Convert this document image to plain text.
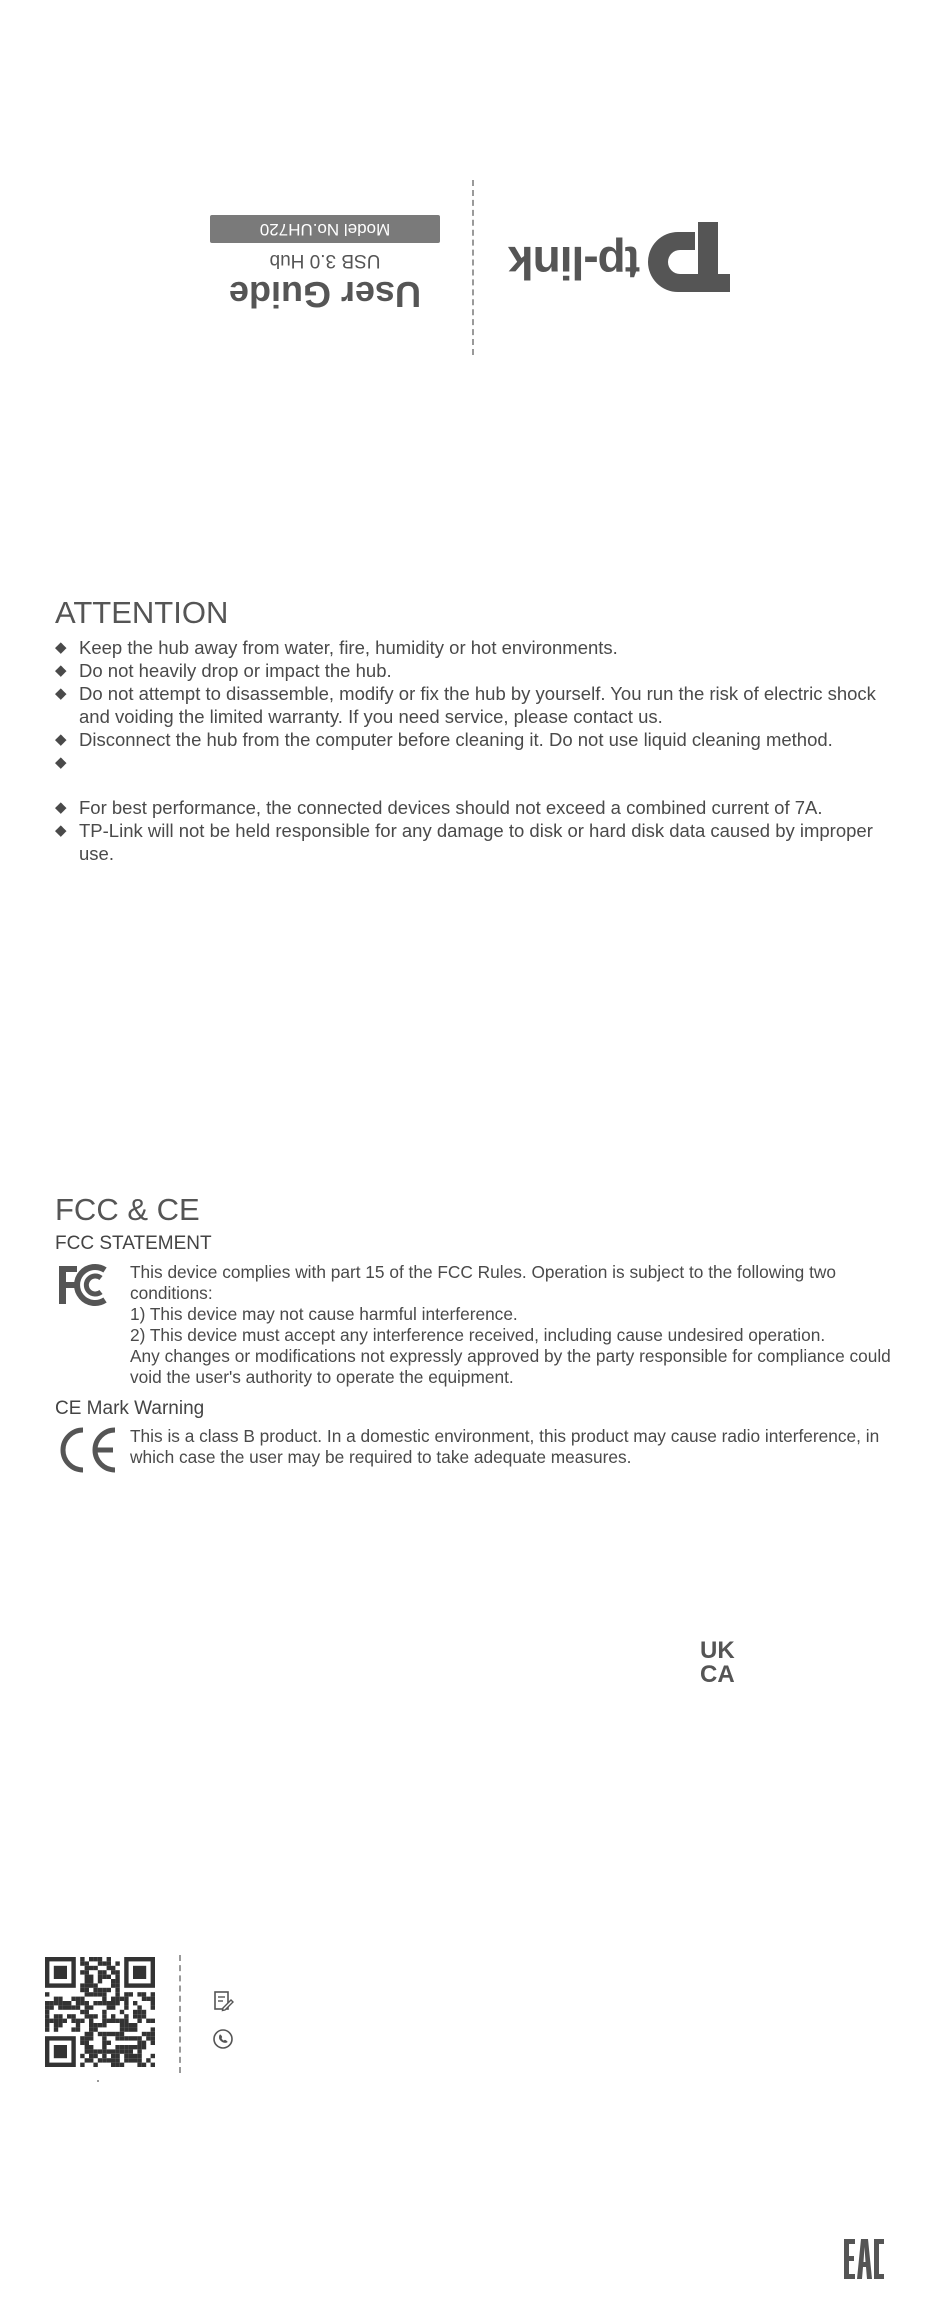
tp-link
User Guide
USB 3.0 Hub
Model No.UH720
ATTENTION
◆ Keep the hub away from water, fire, humidity or hot environments.
◆ Do not heavily drop or impact the hub.
◆ Do not attempt to disassemble, modify or fix the hub by yourself. You run the risk of electric shock and voiding the limited warranty. If you need service, please contact us.
◆ Disconnect the hub from the computer before cleaning it. Do not use liquid cleaning method.
◆
◆ For best performance, the connected devices should not exceed a combined current of 7A.
◆ TP-Link will not be held responsible for any damage to disk or hard disk data caused by improper use.
FCC & CE
FCC STATEMENT
This device complies with part 15 of the FCC Rules. Operation is subject to the following two conditions:
1) This device may not cause harmful interference.
2) This device must accept any interference received, including cause undesired operation.
Any changes or modifications not expressly approved by the party responsible for compliance could void the user's authority to operate the equipment.
CE Mark Warning
This is a class B product. In a domestic environment, this product may cause radio interference, in which case the user may be required to take adequate measures.
UK
CA
